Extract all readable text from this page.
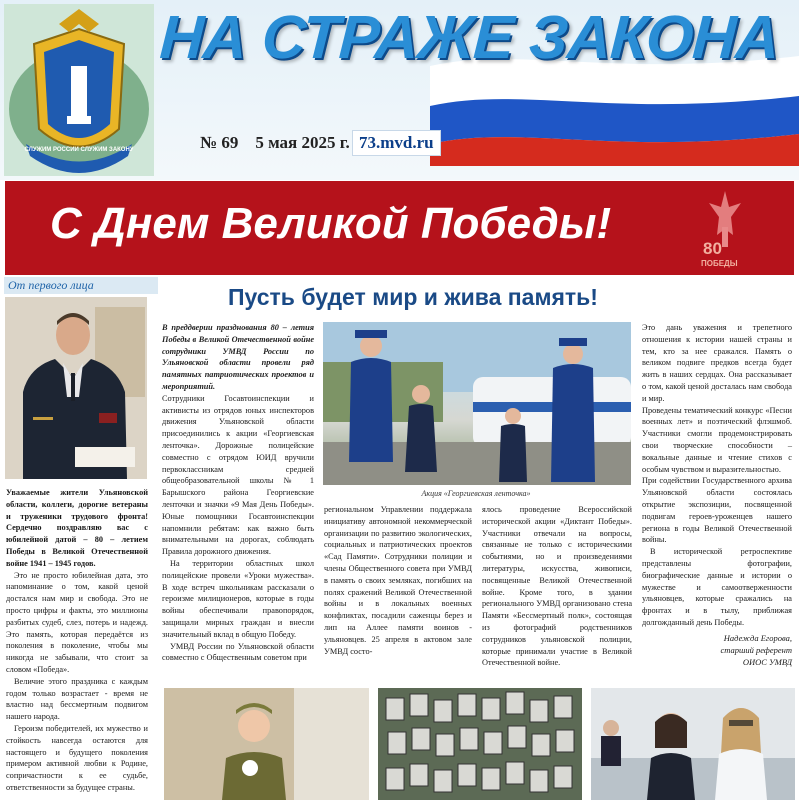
СЛУЖИМ РОССИИ СЛУЖИМ ЗАКОНУ
НА СТРАЖЕ ЗАКОНА
№ 69    5 мая 2025 г. 73.mvd.ru
С Днем Великой Победы!
80
ПОБЕДЫ
От первого лица

Уважаемые жители Ульяновской области, коллеги, дорогие ветераны и труженики трудового фронта! Сердечно поздравляю вас с юбилейной датой – 80 – летием Победы в Великой Отечественной войне 1941 – 1945 годов.

Это не просто юбилейная дата, это напоминание о том, какой ценой достался нам мир и свобода. Это не просто цифры и факты, это миллионы разбитых судеб, слез, потерь и надежд. Это память, которая передаётся из поколения в поколение, чтобы мы никогда не забывали, что стоит за словом «Победа».

Величие этого праздника с каждым годом только возрастает - время не властно над бессмертным подвигом нашего народа.

Героизм победителей, их мужество и стойкость навсегда остаются для настоящего и будущего поколения примером активной любви к Родине, сопричастности к ее судьбе, ответственности за будущее страны.

Пусть будет мир и жива память!

В преддверии празднования 80 – летия Победы в Великой Отечественной войне сотрудники УМВД России по Ульяновской области провели ряд памятных патриотических проектов и мероприятий.

Сотрудники Госавтоинспекции и активисты из отрядов юных инспекторов движения Ульяновской области присоединились к акции «Георгиевская ленточка». Дорожные полицейские совместно с отрядом ЮИД вручили первоклассникам средней общеобразовательной школы № 1 Барышского района Георгиевские ленточки и значки «9 Мая День Победы». Юные помощники Госавтоинспекции напомнили ребятам: как важно быть внимательными на дорогах, соблюдать Правила дорожного движения.

На территории областных школ полицейские провели «Уроки мужества». В ходе встреч школьникам рассказали о героизме милиционеров, которые в годы войны обеспечивали правопорядок, защищали мирных граждан и внесли значительный вклад в общую Победу.

УМВД России по Ульяновской области совместно с Общественным советом при

Акция «Георгиевская ленточка»

региональном Управлении поддержала инициативу автономной некоммерческой организации по развитию экологических, социальных и патриотических проектов «Сад Памяти». Сотрудники полиции и члены Общественного совета при УМВД в память о своих земляках, погибших на полях сражений Великой Отечественной войны и в локальных военных конфликтах, посадили саженцы берез и лип на Аллее памяти воинов - ульяновцев. 25 апреля в актовом зале УМВД состо-

ялось проведение Всероссийской исторической акции «Диктант Победы». Участники отвечали на вопросы, связанные не только с историческими событиями, но и произведениями литературы, искусства, живописи, посвященные Великой Отечественной войне. Кроме того, в здании регионального УМВД организовано стена Памяти «Бессмертный полк», состоящая из фотографий родственников сотрудников ульяновской полиции, которые принимали участие в Великой Отечественной войне.

Это дань уважения и трепетного отношения к истории нашей страны и тем, кто за нее сражался. Память о великом подвиге предков всегда будет жить в наших сердцах. Она рассказывает о том, какой ценой досталась нам свобода и мир.

Проведены тематический конкурс «Песни военных лет» и поэтический флэшмоб. Участники смогли продемонстрировать свои творческие способности – вокальные данные и чтение стихов с особым чувством и выразительностью.

При содействии Государственного архива Ульяновской области состоялась открытие экспозиции, посвященной подвигам героев-уроженцев нашего региона в годы Великой Отечественной войны.

В исторической ретроспективе представлены фотографии, биографические данные и истории о мужестве и самоотверженности ульяновцев, которые сражались на фронтах и в тылу, приближая долгожданный день Победы.

Надежда Егорова,
старший референт
ОИОС УМВД
